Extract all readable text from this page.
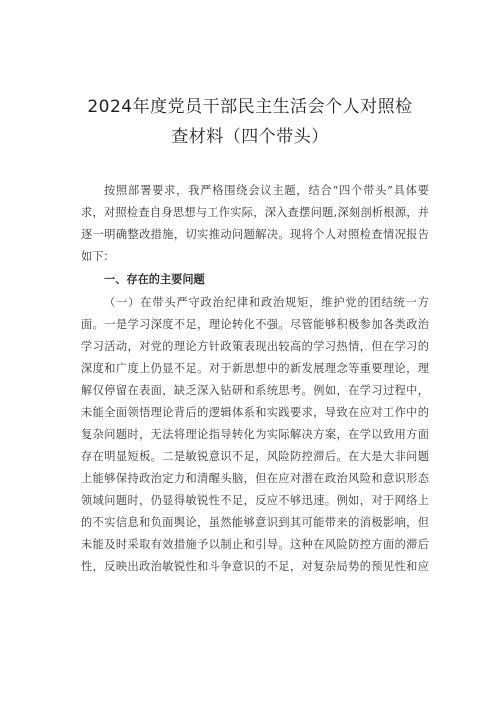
2024年度党员干部民主生活会个人对照检
查材料（四个带头）
按照部署要求，我严格围绕会议主题，结合“四个带头”具体要
求，对照检查自身思想与工作实际，深入查摆问题,深刻剖析根源，并
逐一明确整改措施，切实推动问题解决。现将个人对照检查情况报告
如下：
一、存在的主要问题
（一）在带头严守政治纪律和政治规矩，维护党的团结统一方
面。一是学习深度不足，理论转化不强。尽管能够积极参加各类政治
学习活动，对党的理论方针政策表现出较高的学习热情，但在学习的
深度和广度上仍显不足。对于新思想中的新发展理念等重要理论，理
解仅停留在表面，缺乏深入钻研和系统思考。例如，在学习过程中，
未能全面领悟理论背后的逻辑体系和实践要求，导致在应对工作中的
复杂问题时，无法将理论指导转化为实际解决方案，在学以致用方面
存在明显短板。二是敏锐意识不足，风险防控滞后。在大是大非问题
上能够保持政治定力和清醒头脑，但在应对潜在政治风险和意识形态
领域问题时，仍显得敏锐性不足，反应不够迅速。例如，对于网络上
的不实信息和负面舆论，虽然能够意识到其可能带来的消极影响，但
未能及时采取有效措施予以制止和引导。这种在风险防控方面的滞后
性，反映出政治敏锐性和斗争意识的不足，对复杂局势的预见性和应
